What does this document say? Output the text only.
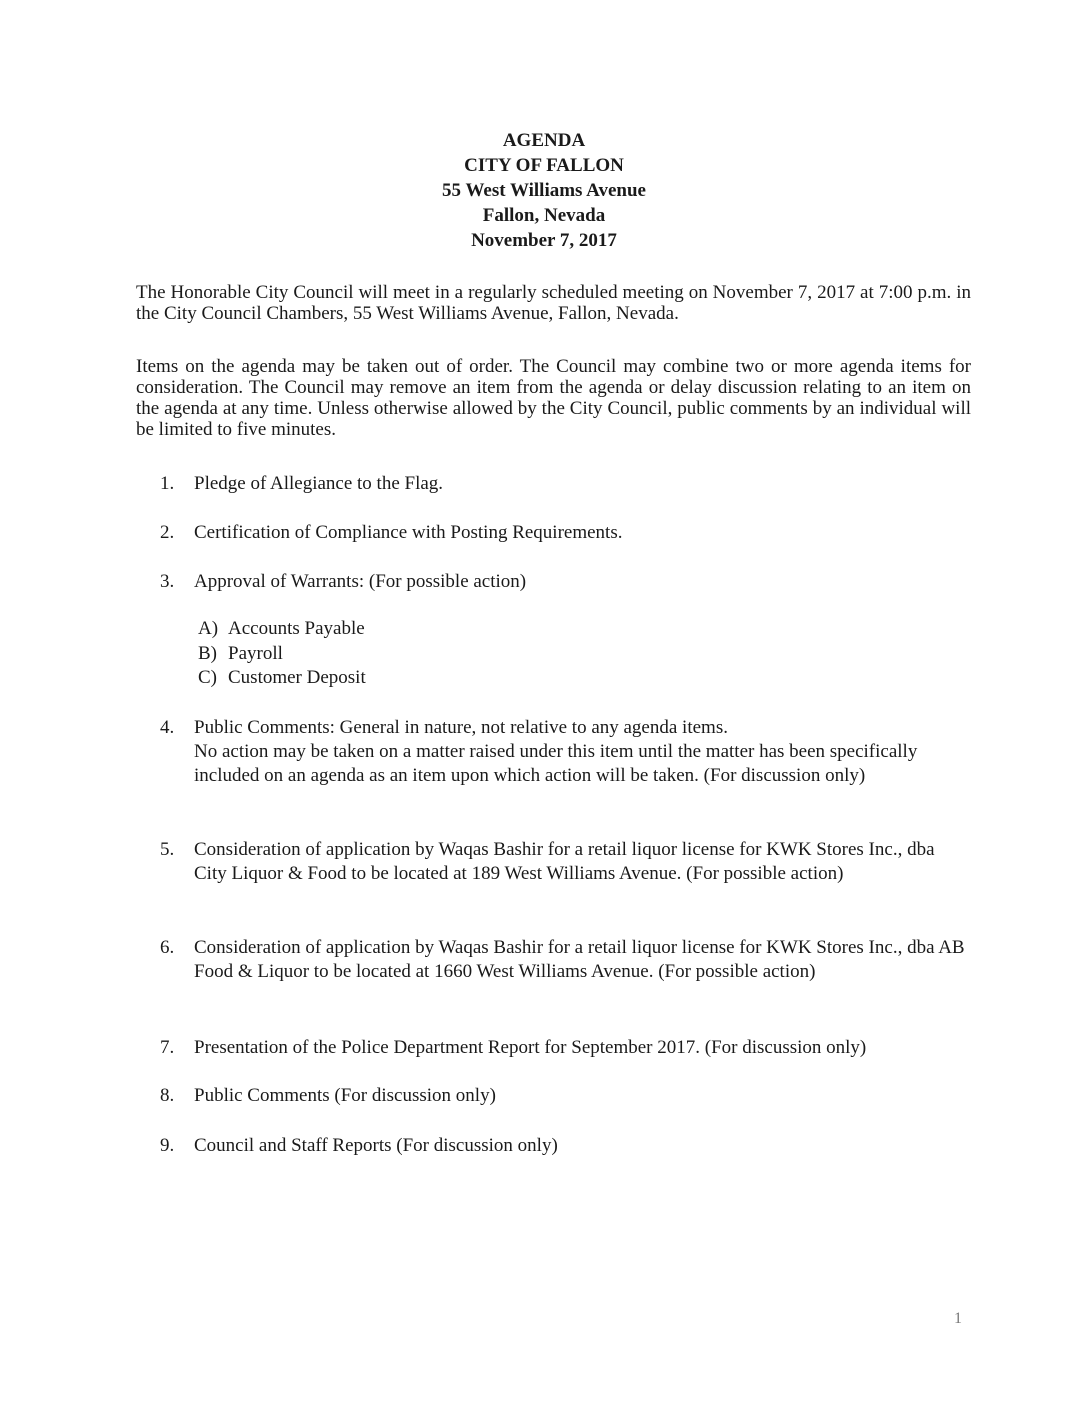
AGENDA
CITY OF FALLON
55 West Williams Avenue
Fallon, Nevada
November 7, 2017
The Honorable City Council will meet in a regularly scheduled meeting on November 7, 2017 at 7:00 p.m. in the City Council Chambers, 55 West Williams Avenue, Fallon, Nevada.
Items on the agenda may be taken out of order. The Council may combine two or more agenda items for consideration. The Council may remove an item from the agenda or delay discussion relating to an item on the agenda at any time. Unless otherwise allowed by the City Council, public comments by an individual will be limited to five minutes.
1.	Pledge of Allegiance to the Flag.
2.	Certification of Compliance with Posting Requirements.
3.	Approval of Warrants: (For possible action)
A) Accounts Payable
B) Payroll
C) Customer Deposit
4.	Public Comments: General in nature, not relative to any agenda items.
No action may be taken on a matter raised under this item until the matter has been specifically included on an agenda as an item upon which action will be taken. (For discussion only)
5.	Consideration of application by Waqas Bashir for a retail liquor license for KWK Stores Inc., dba City Liquor & Food to be located at 189 West Williams Avenue. (For possible action)
6.	Consideration of application by Waqas Bashir for a retail liquor license for KWK Stores Inc., dba AB Food & Liquor to be located at 1660 West Williams Avenue. (For possible action)
7.	Presentation of the Police Department Report for September 2017. (For discussion only)
8.	Public Comments (For discussion only)
9.	Council and Staff Reports (For discussion only)
1
